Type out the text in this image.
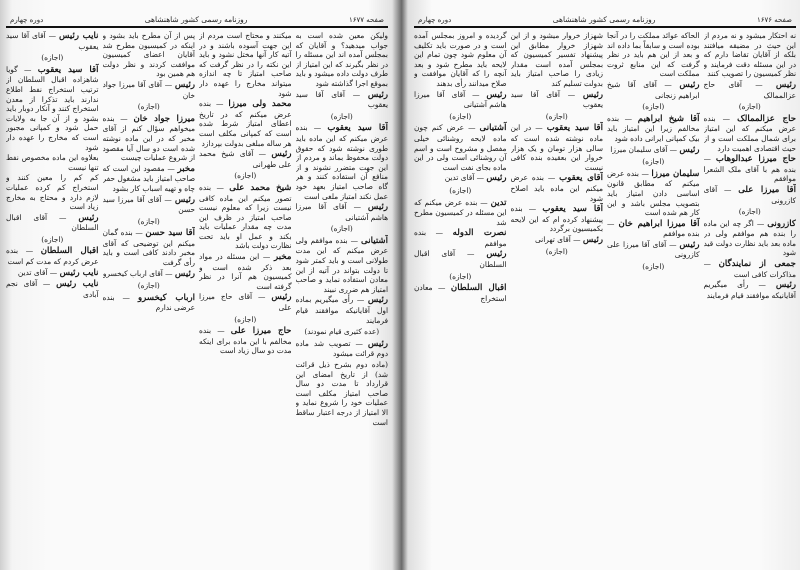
صفحه ۱۶۷۷
روزنامه رسمی کشور شاهنشاهی
دوره چهارم

ولیکن معین شده است به جواب میدهید؟ و آقایان که بمجلس آمده اند این مسئله را در نظر بگیرند که این امتیاز از طرف دولت داده میشود و باید بموقع اجرا گذاشته شود

رئیس — آقای آقا سید یعقوب

(اجازه)

آقا سید یعقوب — بنده عرض میکنم که این ماده باید طوری نوشته شود که حقوق دولت محفوظ بماند و مردم از این جهت متضرر نشوند و از منافع آن استفاده کنند و هر گاه صاحب امتیاز بعهد خود عمل نکند امتیاز ملغی است

رئیس — آقای آقا میرزا هاشم آشتیانی

(اجازه)

آشتیانی — بنده موافقم ولی عرض میکنم که این مدت طولانی است و باید کمتر شود تا دولت بتواند در آتیه از این معادن استفاده نماید و صاحب امتیاز هم ضرری نبیند

رئیس — رأی میگیریم بماده اول آقایانیکه موافقند قیام فرمایند

(عده کثیری قیام نمودند)

رئیس — تصویب شد ماده دوم قرائت میشود

(ماده دوم بشرح ذیل قرائت شد) از تاریخ امضای این قرارداد تا مدت دو سال صاحب امتیاز مکلف است عملیات خود را شروع نماید و الا امتیاز از درجه اعتبار ساقط است

میکنند و محتاج است مردم از این جهت آسوده باشند و در آتیه کار آنها مختل نشود و باید این نکته را در نظر گرفت که صاحب امتیاز تا چه اندازه میتواند مخارج را عهده دار شود

محمد ولی میرزا — بنده عرض میکنم که در تاریخ اعطای امتیاز شرط شده است که کمپانی مکلف است هر ساله مبلغی بدولت بپردازد

رئیس — آقای شیخ محمد علی طهرانی

(اجازه)

شیخ محمد علی — بنده تصور میکنم این ماده کافی نیست زیرا که معلوم نیست صاحب امتیاز در ظرف این مدت چه مقدار عملیات باید بکند و عمل او باید تحت نظارت دولت باشد

مخبر — این مسئله در مواد بعد ذکر شده است و کمیسیون هم آنرا در نظر گرفته است

رئیس — آقای حاج میرزا علی

(اجازه)

حاج میرزا علی — بنده مخالفم با این ماده برای اینکه مدت دو سال زیاد است

پس از آن مطرح باید بشود و اینکه در کمیسیون مطرح شد آقایان اعضای کمیسیون موافقت کردند و نظر دولت هم همین بود

رئیس — آقای آقا میرزا جواد خان

(اجازه)

میرزا جواد خان — بنده میخواهم سؤال کنم از آقای مخبر که در این ماده نوشته شده است دو سال آیا مقصود از شروع عملیات چیست

مخبر — مقصود این است که صاحب امتیاز باید مشغول حفر چاه و تهیه اسباب کار بشود

رئیس — آقای آقا میرزا سید حسن

(اجازه)

آقا سید حسن — بنده گمان میکنم این توضیحی که آقای مخبر دادند کافی است و باید رأی گرفت

رئیس — آقای ارباب کیخسرو

(اجازه)

ارباب کیخسرو — بنده عرضی ندارم

نایب رئیس — آقای آقا سید یعقوب

(اجازه)

آقا سید یعقوب — گویا شاهزاده اقبال السلطان از ترتیب استخراج نفط اطلاع ندارند باید تذکرا از معدن استخراج کنند و آنکار دوبار باید بشود و از آن جا به ولایات حمل شود و کمپانی مجبور است که مخارج را عهده دار شود

بعلاوه این ماده مخصوص نفط تنها نیست

کم کم را معین کنند و استخراج کم کرده عملیات لازم دارد و محتاج به مخارج زیاد است

رئیس — آقای اقبال السلطان

(اجازه)

اقبال السلطان — بنده عرض کردم که مدت کم است

نایب رئیس — آقای تدین

نایب رئیس — آقای نجم آبادی

صفحه ۱۶۷۶
روزنامه رسمی کشور شاهنشاهی
دوره چهارم

نه احتکار میشود و نه مردم از این حیث در مضیقه میافتند بلکه از آقایان تقاضا دارم که در این مسئله دقت فرمایند و نظر کمیسیون را تصویب کنند

رئیس — آقای حاج عزالممالک

(اجازه)

حاج عزالممالک — بنده عرض میکنم که این امتیاز برای شمال مملکت است و از حیث اقتصادی اهمیت دارد

حاج میرزا عبدالوهاب — بنده هم با آقای ملک الشعرا موافقم

آقا میرزا علی — آقای کازرونی

(اجازه)

کازرونی — اگر چه این ماده را بنده هم موافقم ولی در ماده بعد باید نظارت دولت قید شود

جمعی از نمایندگان — مذاکرات کافی است

رئیس — رأی میگیریم آقایانیکه موافقند قیام فرمایند

الحاکه عوائد مملکت را در آنجا بوده است و سابقاً بما داده اند و بعد از این هم باید در نظر گرفت که این منابع ثروت مملکت است

رئیس — آقای آقا شیخ ابراهیم زنجانی

(اجازه)

آقا شیخ ابراهیم — بنده مخالفم زیرا این امتیاز باید بیک کمپانی ایرانی داده شود

رئیس — آقای سلیمان میرزا

(اجازه)

سلیمان میرزا — بنده عرض میکنم که مطابق قانون اساسی دادن امتیاز باید بتصویب مجلس باشد و این کار هم شده است

آقا میرزا ابراهیم خان — بنده موافقم

رئیس — آقای آقا میرزا علی کازرونی

(اجازه)

شهزاز خروار میشود و از این شهزاز خروار مطابق این پیشنهاد تفسیر کمیسیون که بمجلس آمده است مقدار زیادی را صاحب امتیاز باید بدولت تسلیم کند

رئیس — آقای آقا سید یعقوب

(اجازه)

آقا سید یعقوب — در این ماده نوشته شده است که سالی هزار تومان و یک هزار خروار این بعقیده بنده کافی نیست

آقای یعقوب — بنده عرض میکنم این ماده باید اصلاح شود

آقا سید یعقوب — بنده پیشنهاد کرده ام که این لایحه بکمیسیون برگردد

رئیس — آقای تهرانی

(اجازه)

گردیده و امروز بمجلس آمده است و در صورت باید تکلیف آن معلوم شود چون تمام این لایحه باید مطرح شود و بعد آنچه را که آقایان موافقت و صلاح میدانند رأی بدهند

رئیس — آقای آقا میرزا هاشم آشتیانی

(اجازه)

آشتیانی — عرض کنم چون ماده لایحه روشنائی خیلی مفصل و مشروح است و اسم آن روشنائی است ولی در این ماده بجای نفت است

رئیس — آقای تدین

(اجازه)

تدین — بنده عرض میکنم که این مسئله در کمیسیون مطرح شد

نصرت الدوله — بنده موافقم

رئیس — آقای اقبال السلطان

(اجازه)

اقبال السلطان — معادن استخراج
